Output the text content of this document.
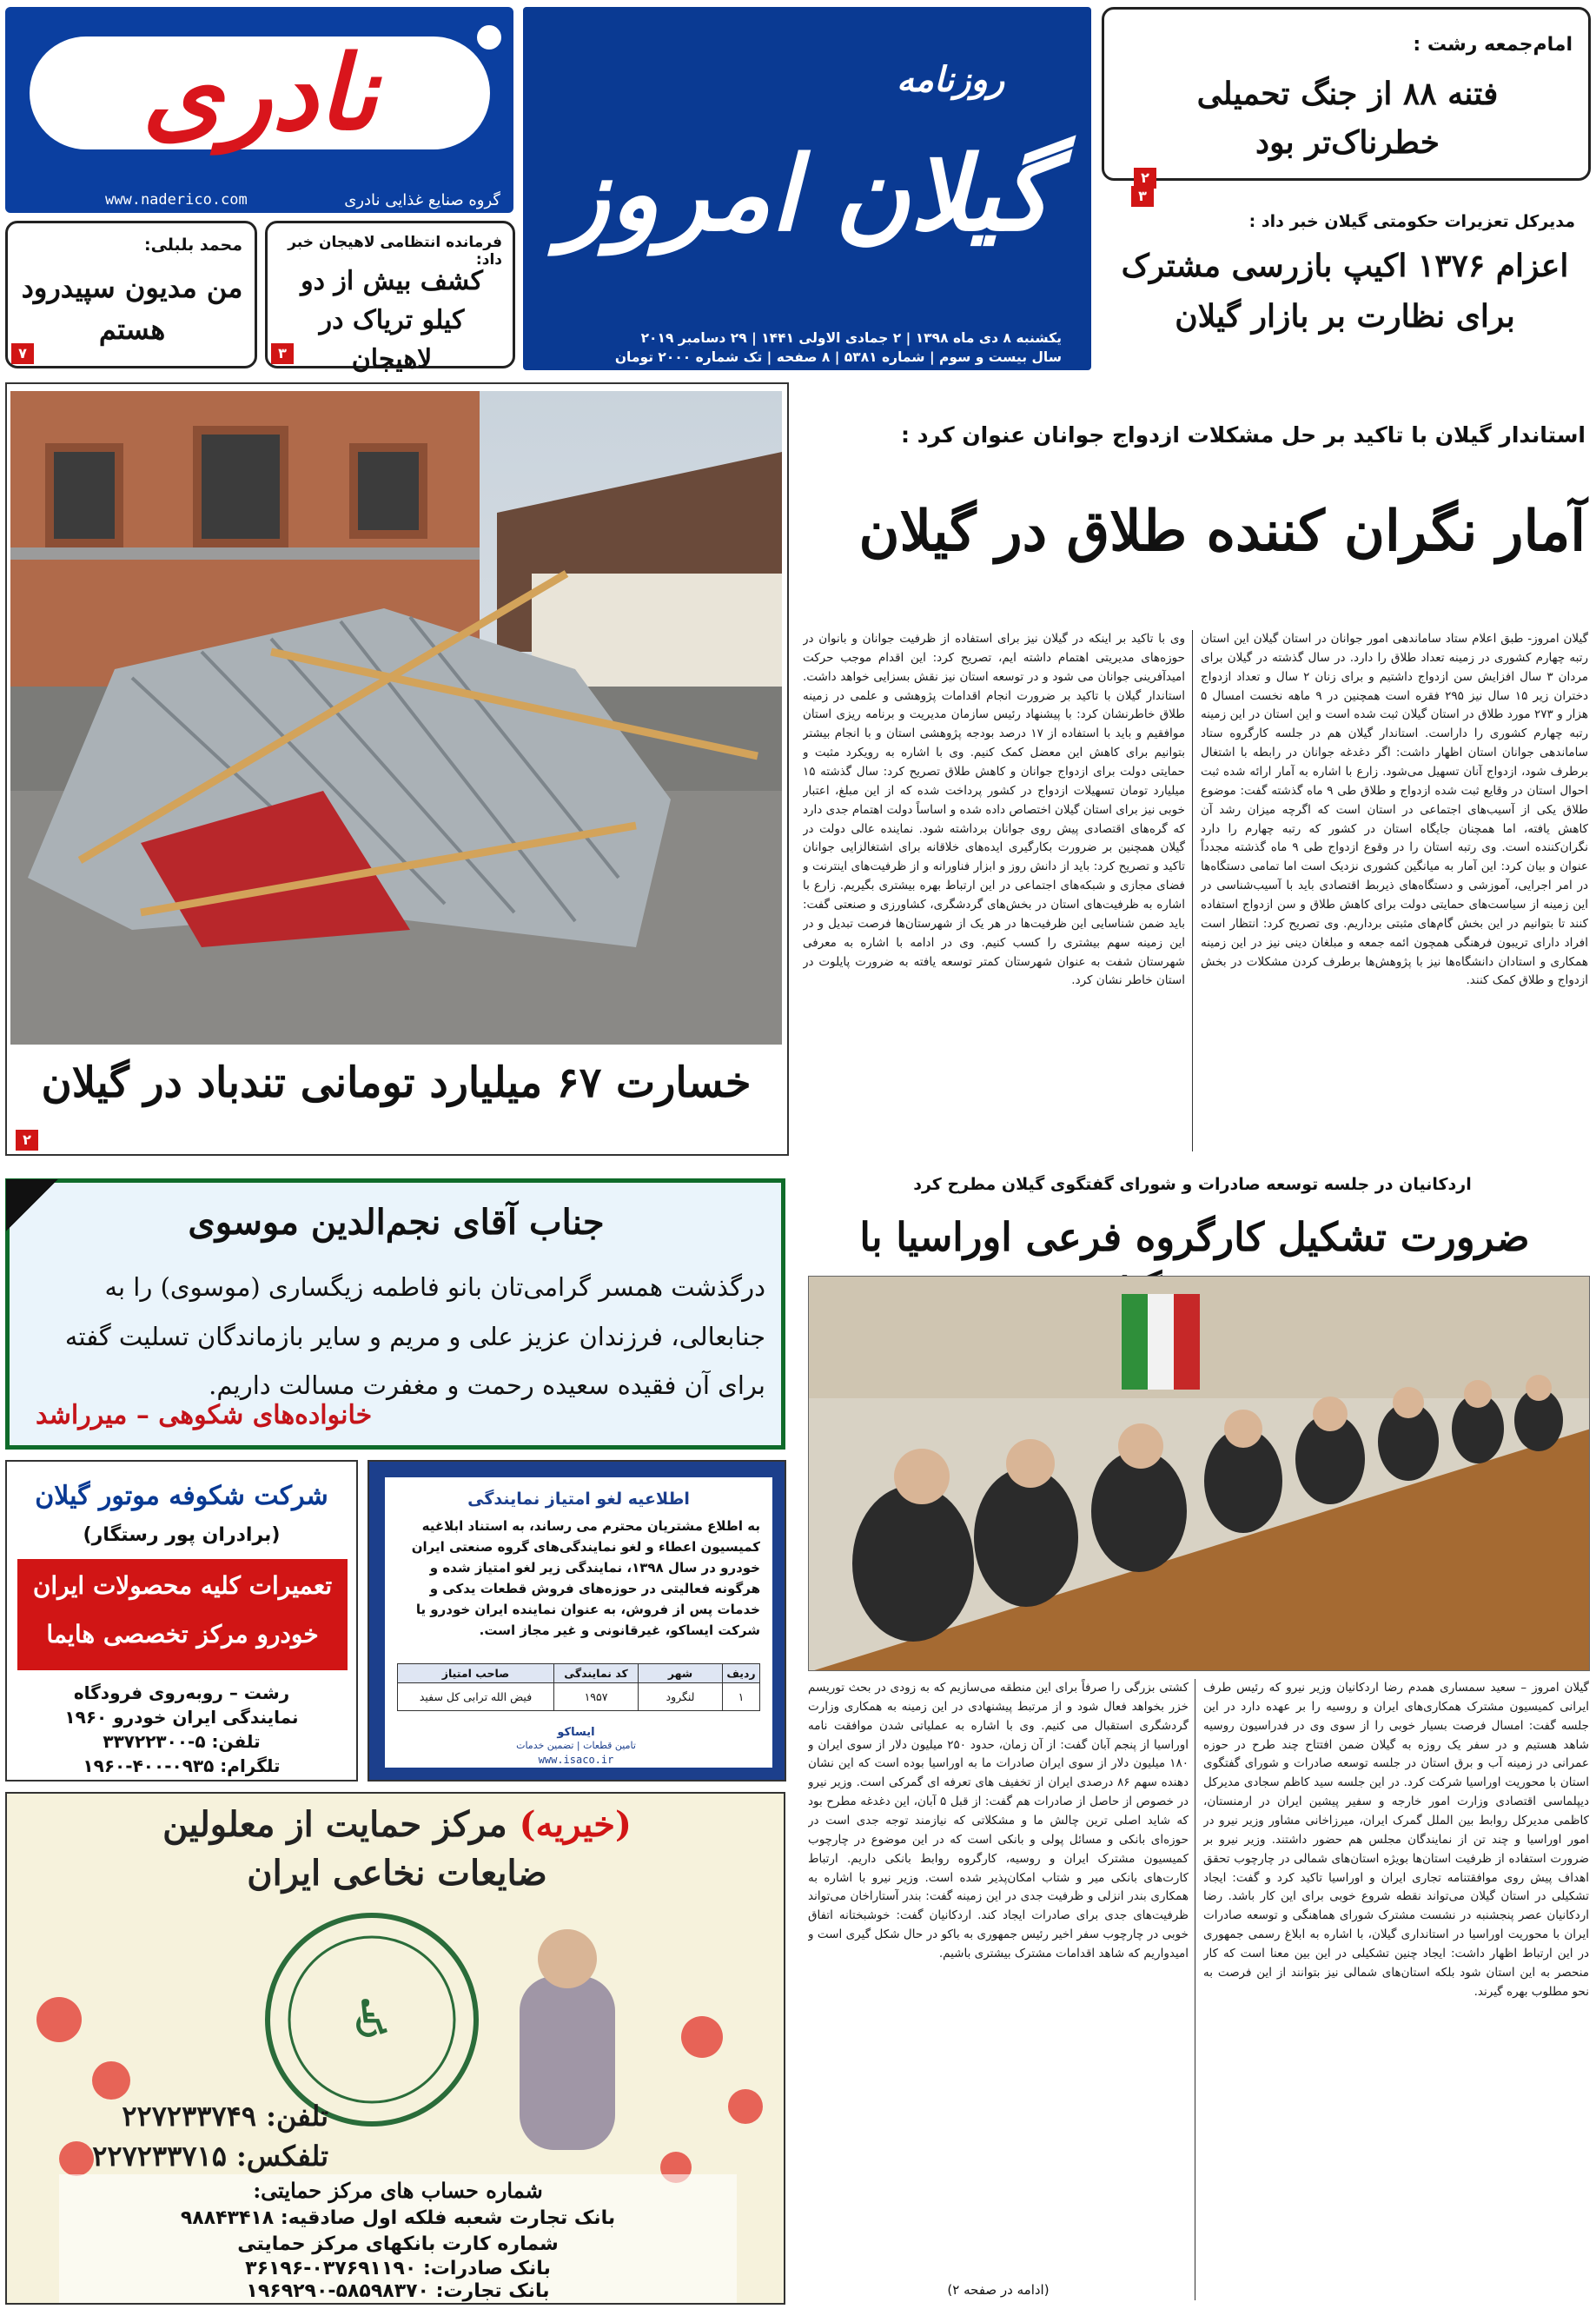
نادری
گروه صنایع غذایی نادری
www.naderico.com
روزنامه
گیلان امروز
یکشنبه ۸ دی ماه ۱۳۹۸ | ۲ جمادی الاولی ۱۴۴۱ | ۲۹ دسامبر ۲۰۱۹
سال بیست و سوم | شماره ۵۳۸۱ | ۸ صفحه | تک شماره ۲۰۰۰ تومان
امام‌جمعه رشت :
فتنه ۸۸ از جنگ تحمیلی خطرناک‌تر بود
۲
۳
مدیرکل تعزیرات حکومتی گیلان خبر داد :
اعزام ۱۳۷۶ اکیپ بازرسی مشترک برای نظارت بر بازار گیلان
فرمانده انتظامی لاهیجان خبر داد:
کشف بیش از دو کیلو تریاک در لاهیجان
۳
محمد بلبلی:
من مدیون سپیدرود هستم
۷
خسارت ۶۷ میلیارد تومانی تندباد در گیلان
۲
استاندار گیلان با تاکید بر حل مشکلات ازدواج جوانان عنوان کرد :
آمار نگران کننده طلاق در گیلان
گیلان امروز- طبق اعلام ستاد ساماندهی امور جوانان در استان گیلان این استان رتبه چهارم کشوری در زمینه تعداد طلاق را دارد. در سال گذشته در گیلان برای مردان ۳ سال افزایش سن ازدواج داشتیم و برای زنان ۲ سال و تعداد ازدواج دختران زیر ۱۵ سال نیز ۲۹۵ فقره است همچنین در ۹ ماهه نخست امسال ۵ هزار و ۲۷۳ مورد طلاق در استان گیلان ثبت شده است و این استان در این زمینه رتبه چهارم کشوری را داراست. استاندار گیلان هم در جلسه کارگروه ستاد ساماندهی جوانان استان اظهار داشت: اگر دغدغه جوانان در رابطه با اشتغال برطرف شود، ازدواج آنان تسهیل می‌شود. زارع با اشاره به آمار ارائه شده ثبت احوال استان در وقایع ثبت شده ازدواج و طلاق طی ۹ ماه گذشته گفت: موضوع طلاق یکی از آسیب‌های اجتماعی در استان است که اگرچه میزان رشد آن کاهش یافته، اما همچنان جایگاه استان در کشور که رتبه چهارم را دارد نگران‌کننده است. وی رتبه استان را در وقوع ازدواج طی ۹ ماه گذشته مجدداً عنوان و بیان کرد: این آمار به میانگین کشوری نزدیک است اما تمامی دستگاه‌ها در امر اجرایی، آموزشی و دستگاه‌های ذیربط اقتصادی باید با آسیب‌شناسی در این زمینه از سیاست‌های حمایتی دولت برای کاهش طلاق و سن ازدواج استفاده کنند تا بتوانیم در این بخش گام‌های مثبتی برداریم. وی تصریح کرد: انتظار است افراد دارای تریبون فرهنگی همچون ائمه جمعه و مبلغان دینی نیز در این زمینه همکاری و استادان دانشگاه‌ها نیز با پژوهش‌ها برطرف کردن مشکلات در بخش ازدواج و طلاق کمک کنند.
وی با تاکید بر اینکه در گیلان نیز برای استفاده از ظرفیت جوانان و بانوان در حوزه‌های مدیریتی اهتمام داشته ایم، تصریح کرد: این اقدام موجب حرکت امید‌آفرینی جوانان می شود و در توسعه استان نیز نقش بسزایی خواهد داشت. استاندار گیلان با تاکید بر ضرورت انجام اقدامات پژوهشی و علمی در زمینه طلاق خاطرنشان کرد: با پیشنهاد رئیس سازمان مدیریت و برنامه ریزی استان موافقیم و باید با استفاده از ۱۷ درصد بودجه پژوهشی استان و با انجام بیشتر بتوانیم برای کاهش این معضل کمک کنیم. وی با اشاره به رویکرد مثبت و حمایتی دولت برای ازدواج جوانان و کاهش طلاق تصریح کرد: سال گذشته ۱۵ میلیارد تومان تسهیلات ازدواج در کشور پرداخت شده که از این مبلغ، اعتبار خوبی نیز برای استان گیلان اختصاص داده شده و اساساً دولت اهتمام جدی دارد که گره‌های اقتصادی پیش روی جوانان برداشته شود. نماینده عالی دولت در گیلان همچنین بر ضرورت بکارگیری ایده‌های خلاقانه برای اشتغالزایی جوانان تاکید و تصریح کرد: باید از دانش روز و ابزار فناورانه و از ظرفیت‌های اینترنت و فضای مجازی و شبکه‌های اجتماعی در این ارتباط بهره بیشتری بگیریم. زارع با اشاره به ظرفیت‌های استان در بخش‌های گردشگری، کشاورزی و صنعتی گفت: باید ضمن شناسایی این ظرفیت‌ها در هر یک از شهرستان‌ها فرصت تبدیل و در این زمینه سهم بیشتری را کسب کنیم. وی در ادامه با اشاره به معرفی شهرستان شفت به عنوان شهرستان کمتر توسعه یافته به ضرورت پایلوت در استان خاطر نشان کرد.
جناب آقای نجم‌الدین موسوی
درگذشت همسر گرامی‌تان بانو فاطمه زیگساری (موسوی) را به جنابعالی، فرزندان عزیز علی و مریم و سایر بازماندگان تسلیت گفته برای آن فقیده سعیده رحمت و مغفرت مسالت داریم.
خانواده‌های شکوهی – میرراشد
اردکانیان در جلسه توسعه صادرات و شورای گفتگوی گیلان مطرح کرد
ضرورت تشکیل کارگروه فرعی اوراسیا با
گیلان امروز – سعید سمساری همدم رضا اردکانیان وزیر نیرو که رئیس طرف ایرانی کمیسیون مشترک همکاری‌های ایران و روسیه را بر عهده دارد در این جلسه گفت: امسال فرصت بسیار خوبی را از سوی وی در فدراسیون روسیه شاهد هستیم و در سفر یک روزه به گیلان ضمن افتتاح چند طرح در حوزه عمرانی در زمینه آب و برق استان در جلسه توسعه صادرات و شورای گفتگوی استان با محوریت اوراسیا شرکت کرد. در این جلسه سید کاظم سجادی مدیرکل دیپلماسی اقتصادی وزارت امور خارجه و سفیر پیشین ایران در ارمنستان، کاظمی مدیرکل روابط بین الملل گمرک ایران، میرزاخانی مشاور وزیر نیرو در امور اوراسیا و چند تن از نمایندگان مجلس هم حضور داشتند. وزیر نیرو بر ضرورت استفاده از ظرفیت استان‌ها بویژه استان‌های شمالی در چارچوب تحقق اهداف پیش روی موافقتنامه تجاری ایران و اوراسیا تاکید کرد و گفت: ایجاد تشکیلی در استان گیلان می‌تواند نقطه شروع خوبی برای این کار باشد. رضا اردکانیان عصر پنجشنبه در نشست مشترک شورای هماهنگی و توسعه صادرات ایران با محوریت اوراسیا در استانداری گیلان، با اشاره به ابلاغ رسمی جمهوری در این ارتباط اظهار داشت: ایجاد چنین تشکیلی در این بین معنا است که کار منحصر به این استان شود بلکه استان‌های شمالی نیز بتوانند از این فرصت به نحو مطلوب بهره گیرند.
کشتی بزرگی را صرفاً برای این منطقه می‌سازیم که به زودی در بحث توریسم خزر بخواهد فعال شود و از مرتبط پیشنهادی در این زمینه به همکاری وزارت گردشگری استقبال می کنیم. وی با اشاره به عملیاتی شدن موافقت نامه اوراسیا از پنجم آبان گفت: از آن زمان، حدود ۲۵۰ میلیون دلار از سوی ایران و ۱۸۰ میلیون دلار از سوی ایران صادرات ما به اوراسیا بوده است که این نشان دهنده سهم ۸۶ درصدی ایران از تخفیف های تعرفه ای گمرکی است. وزیر نیرو در خصوص از حاصل از صادرات هم گفت: از قبل ۵ آبان، این دغدغه مطرح بود که شاید اصلی ترین چالش ما و مشکلاتی که نیازمند توجه جدی است در حوزه‌ای بانکی و مسائل پولی و بانکی است که در این موضوع در چارچوب کمیسیون مشترک ایران و روسیه، کارگروه روابط بانکی داریم. ارتباط کارت‌های بانکی میر و شتاب امکان‌پذیر شده است. وزیر نیرو با اشاره به همکاری بندر انزلی و ظرفیت جدی در این زمینه گفت: بندر آستاراخان می‌تواند ظرفیت‌های جدی برای صادرات ایجاد کند. اردکانیان گفت: خوشبختانه اتفاق خوبی در چارچوب سفر اخیر رئیس جمهوری به باکو در حال شکل گیری است و امیدواریم که شاهد اقدامات مشترک بیشتری باشیم.
(ادامه در صفحه ۲)
شرکت شکوفه موتور گیلان
(برادران پور رستگار)
تعمیرات کلیه محصولات ایران
خودرو مرکز تخصصی هایما
رشت – روبه‌روی فرودگاه
نمایندگی ایران خودرو ۱۹۶۰
تلفن: ۵-۳۳۷۲۲۳۰۰
تلگرام: ۰۹۳۵-۴۰۰-۱۹۶۰
اطلاعیه لغو امتیاز نمایندگی
به اطلاع مشتریان محترم می رساند، به استناد ابلاغیه کمیسیون اعطاء و لغو نمایندگی‌های گروه صنعتی ایران خودرو در سال ۱۳۹۸، نمایندگی زیر لغو امتیاز شده و هرگونه فعالیتی در حوزه‌های فروش قطعات یدکی و خدمات پس از فروش، به عنوان نماینده ایران خودرو یا شرکت ایساکو، غیرقانونی و غیر مجاز است.
ردیف	شهر	کد نمایندگی	صاحب امتیاز
۱	لنگرود	۱۹۵۷	فیض الله ترابی کل سفید
ایساکو
تامین قطعات | تضمین خدمات
www.isaco.ir
♿
(خیریه) مرکز حمایت از معلولین
ضایعات نخاعی ایران
تلفن: ۲۲۷۲۳۳۷۴۹
تلفکس: ۲۲۷۲۳۳۷۱۵
شماره حساب های مرکز حمایتی:
بانک تجارت شعبه فلکه اول صادقیه: ۹۸۸۴۳۴۱۸
شماره کارت بانکهای مرکز حمایتی
بانک صادرات: ۰۳۷۶۹۱۱۹۰-۳۶۱۹۶
بانک تجارت: ۵۸۵۹۸۳۷۰-۱۹۶۹۲۹۰
